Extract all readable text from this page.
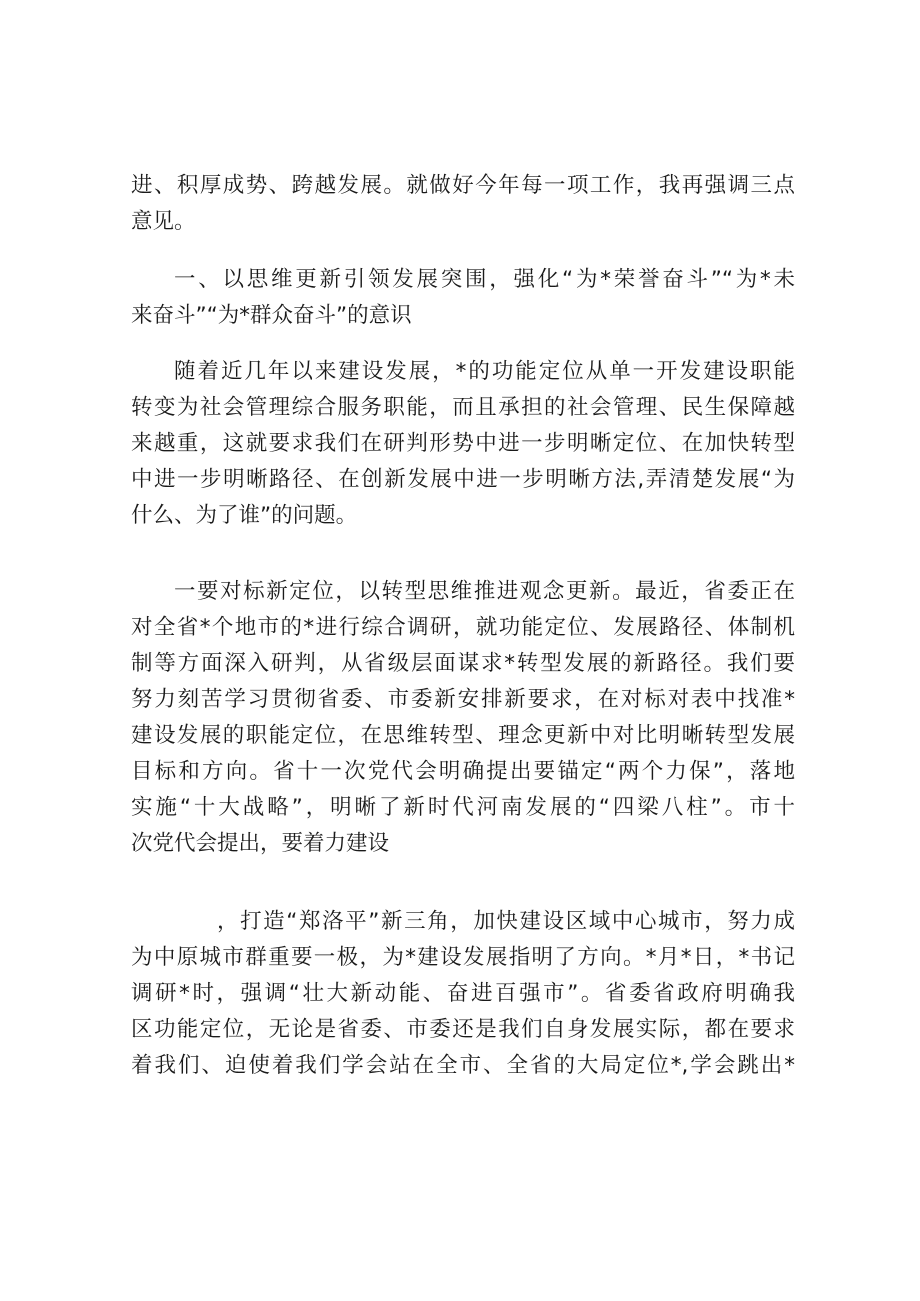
进、积厚成势、跨越发展。就做好今年每一项工作，我再强调三点
意见。
一、以思维更新引领发展突围，强化“为*荣誉奋斗”“为*未
来奋斗”“为*群众奋斗”的意识
随着近几年以来建设发展，*的功能定位从单一开发建设职能
转变为社会管理综合服务职能，而且承担的社会管理、民生保障越
来越重，这就要求我们在研判形势中进一步明晰定位、在加快转型
中进一步明晰路径、在创新发展中进一步明晰方法,弄清楚发展“为
什么、为了谁”的问题。
一要对标新定位，以转型思维推进观念更新。最近，省委正在
对全省*个地市的*进行综合调研，就功能定位、发展路径、体制机
制等方面深入研判，从省级层面谋求*转型发展的新路径。我们要
努力刻苦学习贯彻省委、市委新安排新要求，在对标对表中找准*
建设发展的职能定位，在思维转型、理念更新中对比明晰转型发展
目标和方向。省十一次党代会明确提出要锚定“两个力保”，落地
实施“十大战略”，明晰了新时代河南发展的“四梁八柱”。市十
次党代会提出，要着力建设
，打造“郑洛平”新三角，加快建设区域中心城市，努力成
为中原城市群重要一极，为*建设发展指明了方向。*月*日，*书记
调研*时，强调“壮大新动能、奋进百强市”。省委省政府明确我
区功能定位，无论是省委、市委还是我们自身发展实际，都在要求
着我们、迫使着我们学会站在全市、全省的大局定位*,学会跳出*
